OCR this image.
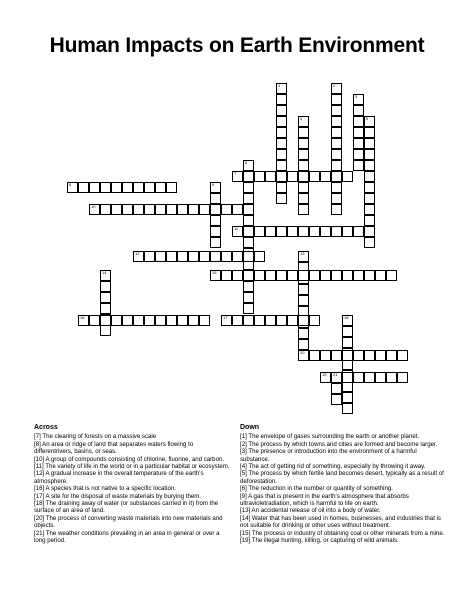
Human Impacts on Earth Environment
1	2
3
4	5
6
7
8	9
10
11
12	13
14	15
16	17	18
19 21
20
Across
[7] The clearing of forests on a massive scale
[8] An area or ridge of land that separates waters flowing to differentrivers, basins, or seas.
[10] A group of compounds consisting of chlorine, fluorine, and carbon.
[11] The variety of life in the world or in a particular habitat or ecosystem.
[12] A gradual increase in the overall temperature of the earth's atmosphere.
[16] A species that is not native to a specific location.
[17] A site for the disposal of waste materials by burying them.
[18] The draining away of water (or substances carried in it) from the surface of an area of land.
[20] The process of converting waste materials into new materials and objects.
[21] The weather conditions prevailing in an area in general or over a long period.
Down
[1] The envelope of gases surrounding the earth or another planet.
[2] The process by which towns and cities are formed and become larger.
[3] The presence or introduction into the environment of a harmful substance.
[4] The act of getting rid of something, especially by throwing it away.
[5] The process by which fertile land becomes desert, typically as a result of deforestation.
[6] The reduction in the number or quantity of something.
[9] A gas that is present in the earth's atmosphere that absorbs ultravioletradiation, which is harmful to life on earth.
[13] An accidental release of oil into a body of water.
[14] Water that has been used in homes, businesses, and industries that is not suitable for drinking or other uses without treatment.
[15] The process or industry of obtaining coal or other minerals from a mine.
[19] The illegal hunting, killing, or capturing of wild animals.
